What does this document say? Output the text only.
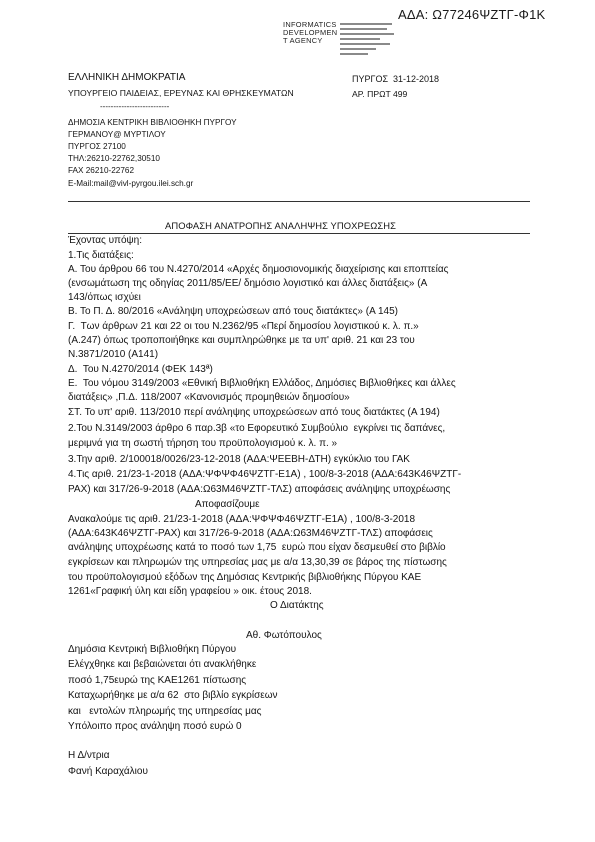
ΑΔΑ: Ω77246ΨΖΤΓ-Φ1Κ
INFORMATICS
DEVELOPMEN
T AGENCY
ΕΛΛΗΝΙΚΗ ΔΗΜΟΚΡΑΤΙΑ
ΥΠΟΥΡΓΕΙΟ ΠΑΙΔΕΙΑΣ, ΕΡΕΥΝΑΣ ΚΑΙ ΘΡΗΣΚΕΥΜΑΤΩΝ
--------------------------
ΔΗΜΟΣΙΑ ΚΕΝΤΡΙΚΗ ΒΙΒΛΙΟΘΗΚΗ ΠΥΡΓΟΥ
ΓΕΡΜΑΝΟΥ@ ΜΥΡΤΙΛΟΥ
ΠΥΡΓΟΣ 27100
ΤΗΛ:26210-22762,30510
FAX 26210-22762
E-Mail:mail@vivl-pyrgou.ilei.sch.gr
ΠΥΡΓΟΣ  31-12-2018
ΑΡ. ΠΡΩΤ 499
ΑΠΟΦΑΣΗ ΑΝΑΤΡΟΠΗΣ ΑΝΑΛΗΨΗΣ ΥΠΟΧΡΕΩΣΗΣ
Έχοντας υπόψη:
1.Τις διατάξεις:
Α. Του άρθρου 66 του Ν.4270/2014 «Αρχές δημοσιονομικής διαχείρισης και εποπτείας
(ενσωμάτωση της οδηγίας 2011/85/ΕΕ/ δημόσιο λογιστικό και άλλες διατάξεις» (Α
143/όπως ισχύει
Β. Το Π. Δ. 80/2016 «Ανάληψη υποχρεώσεων από τους διατάκτες» (Α 145)
Γ.  Των άρθρων 21 και 22 οι του Ν.2362/95 «Περί δημοσίου λογιστικού κ. λ. π.»
(Α.247) όπως τροποποιήθηκε και συμπληρώθηκε με τα υπ' αριθ. 21 και 23 του
Ν.3871/2010 (Α141)
Δ.  Του Ν.4270/2014 (ΦΕΚ 143ª)
Ε.  Του νόμου 3149/2003 «Εθνική Βιβλιοθήκη Ελλάδος, Δημόσιες Βιβλιοθήκες και άλλες
διατάξεις» ,Π.Δ. 118/2007 «Κανονισμός προμηθειών δημοσίου»
ΣΤ. Το υπ' αριθ. 113/2010 περί ανάληψης υποχρεώσεων από τους διατάκτες (Α 194)
2.Του Ν.3149/2003 άρθρο 6 παρ.3β «το Εφορευτικό Συμβούλιο  εγκρίνει τις δαπάνες,
μεριμνά για τη σωστή τήρηση του προϋπολογισμού κ. λ. π. »
3.Την αριθ. 2/100018/0026/23-12-2018 (ΑΔΑ:ΨΕΕΒΗ-ΔΤΗ) εγκύκλιο του ΓΑΚ
4.Τις αριθ. 21/23-1-2018 (ΑΔΑ:ΨΦΨΦ46ΨΖΤΓ-Ε1Α) , 100/8-3-2018 (ΑΔΑ:643Κ46ΨΖΤΓ-
ΡΑΧ) και 317/26-9-2018 (ΑΔΑ:Ω63Μ46ΨΖΤΓ-ΤΛΣ) αποφάσεις ανάληψης υποχρέωσης
Αποφασίζουμε
Ανακαλούμε τις αριθ. 21/23-1-2018 (ΑΔΑ:ΨΦΨΦ46ΨΖΤΓ-Ε1Α) , 100/8-3-2018
(ΑΔΑ:643Κ46ΨΖΤΓ-ΡΑΧ) και 317/26-9-2018 (ΑΔΑ:Ω63Μ46ΨΖΤΓ-ΤΛΣ) αποφάσεις
ανάληψης υποχρέωσης κατά το ποσό των 1,75  ευρώ που είχαν δεσμευθεί στο βιβλίο
εγκρίσεων και πληρωμών της υπηρεσίας μας με α/α 13,30,39 σε βάρος της πίστωσης
του προϋπολογισμού εξόδων της Δημόσιας Κεντρικής βιβλιοθήκης Πύργου ΚΑΕ
1261«Γραφική ύλη και είδη γραφείου » οικ. έτους 2018.
Ο Διατάκτης
Αθ. Φωτόπουλος
Δημόσια Κεντρική Βιβλιοθήκη Πύργου
Ελέγχθηκε και βεβαιώνεται ότι ανακλήθηκε
ποσό 1,75ευρώ της ΚΑΕ1261 πίστωσης
Καταχωρήθηκε με α/α 62  στο βιβλίο εγκρίσεων
και   εντολών πληρωμής της υπηρεσίας μας
Υπόλοιπο προς ανάληψη ποσό ευρώ 0
Η Δ/ντρια
Φανή Καραχάλιου
